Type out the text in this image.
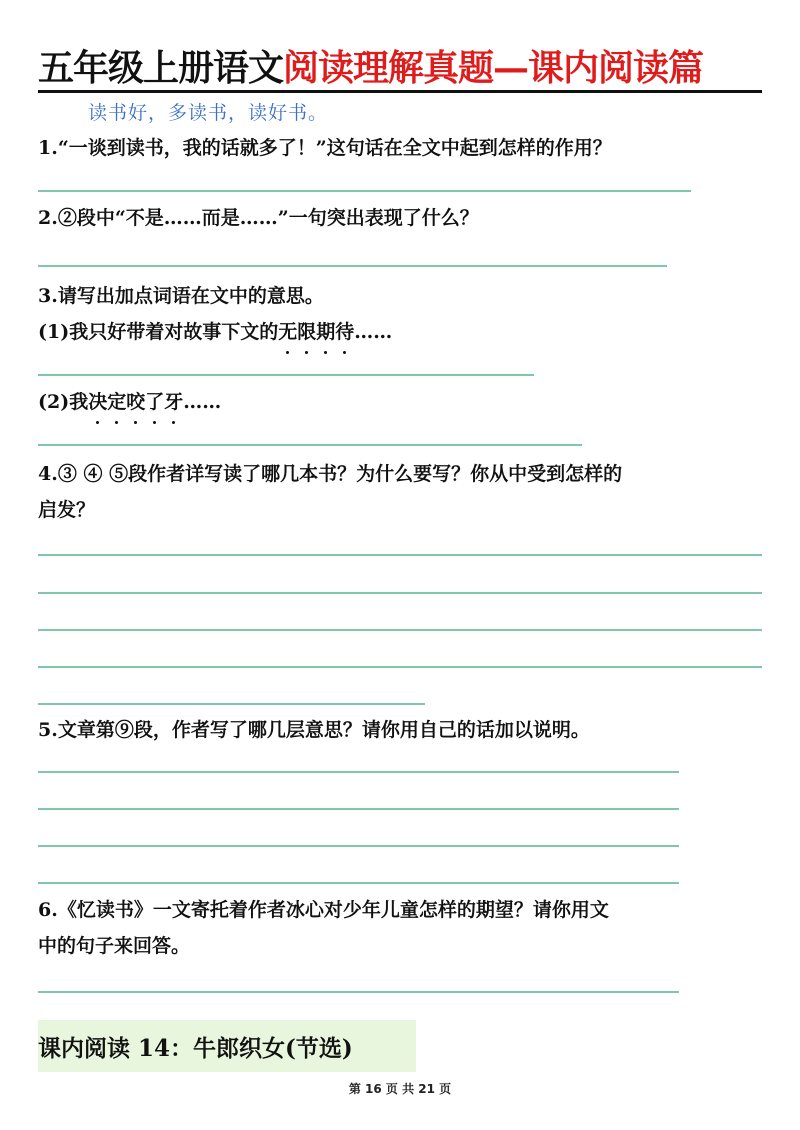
五年级上册语文阅读理解真题—课内阅读篇
读书好，多读书，读好书。
1.“一谈到读书，我的话就多了！”这句话在全文中起到怎样的作用？
2.②段中“不是……而是……”一句突出表现了什么？
3.请写出加点词语在文中的意思。
(1)我只好带着对故事下文的无限期待……
(2)我决定咬了牙……
4.③ ④ ⑤段作者详写读了哪几本书？为什么要写？你从中受到怎样的
启发？
5.文章第⑨段，作者写了哪几层意思？请你用自己的话加以说明。
6.《忆读书》一文寄托着作者冰心对少年儿童怎样的期望？请你用文
中的句子来回答。
课内阅读 14：牛郎织女(节选)
第 16 页 共 21 页
